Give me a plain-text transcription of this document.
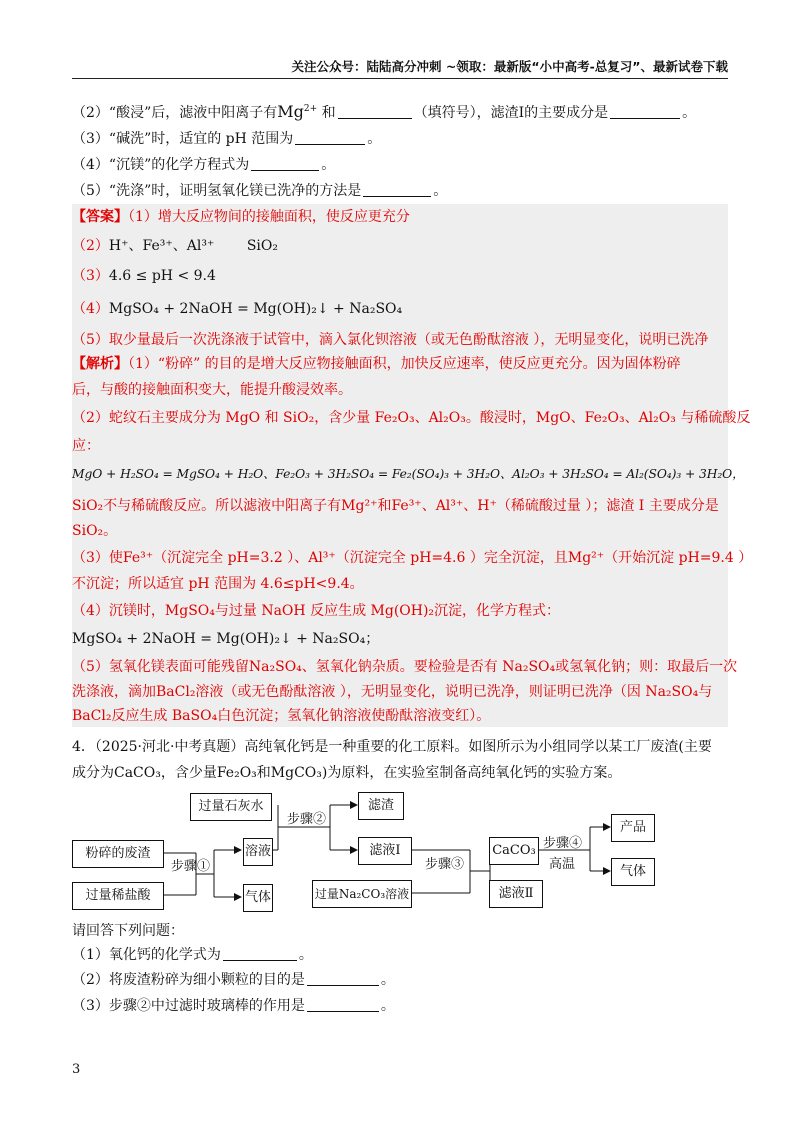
关注公众号：陆陆高分冲刺 ~领取：最新版“小中高考-总复习”、最新试卷下载
（2）“酸浸”后，滤液中阳离子有$Mg^{2+}$ 和	（填符号），滤渣Ⅰ的主要成分是	。
（3）“碱洗”时，适宜的 pH 范围为	。
（4）“沉镁”的化学方程式为	。
（5）“洗涤”时，证明氢氧化镁已洗净的方法是	。
【答案】（1）增大反应物间的接触面积，使反应更充分
（2）H⁺、Fe³⁺、Al³⁺ SiO₂
（3）4.6 ≤ pH < 9.4
（4）MgSO₄ + 2NaOH = Mg(OH)₂↓ + Na₂SO₄
（5）取少量最后一次洗涤液于试管中，滴入氯化钡溶液（或无色酚酞溶液 ），无明显变化，说明已洗净
【解析】（1）“粉碎” 的目的是增大反应物接触面积，加快反应速率，使反应更充分。因为固体粉碎
后，与酸的接触面积变大，能提升酸浸效率。
（2）蛇纹石主要成分为 MgO 和 SiO₂，含少量 Fe₂O₃、Al₂O₃。酸浸时，MgO、Fe₂O₃、Al₂O₃ 与稀硫酸反
应：
MgO + H₂SO₄ = MgSO₄ + H₂O、Fe₂O₃ + 3H₂SO₄ = Fe₂(SO₄)₃ + 3H₂O、Al₂O₃ + 3H₂SO₄ = Al₂(SO₄)₃ + 3H₂O，
SiO₂不与稀硫酸反应。所以滤液中阳离子有Mg²⁺和Fe³⁺、Al³⁺、H⁺（稀硫酸过量 ）；滤渣 Ⅰ 主要成分是
SiO₂。
（3）使Fe³⁺（沉淀完全 pH=3.2 ）、Al³⁺（沉淀完全 pH=4.6 ）完全沉淀，且Mg²⁺（开始沉淀 pH=9.4 ）
不沉淀；所以适宜 pH 范围为 4.6≤pH<9.4。
（4）沉镁时，MgSO₄与过量 NaOH 反应生成 Mg(OH)₂沉淀，化学方程式：
MgSO₄ + 2NaOH = Mg(OH)₂↓ + Na₂SO₄；
（5）氢氧化镁表面可能残留Na₂SO₄、氢氧化钠杂质。要检验是否有 Na₂SO₄或氢氧化钠；则：取最后一次
洗涤液，滴加BaCl₂溶液（或无色酚酞溶液 ），无明显变化，说明已洗净，则证明已洗净（因 Na₂SO₄与
BaCl₂反应生成 BaSO₄白色沉淀；氢氧化钠溶液使酚酞溶液变红）。
4．（2025·河北·中考真题）高纯氧化钙是一种重要的化工原料。如图所示为小组同学以某工厂废渣(主要
成分为CaCO₃，含少量Fe₂O₃和MgCO₃)为原料，在实验室制备高纯氧化钙的实验方案。
粉碎的废渣
过量稀盐酸
步骤①
溶液
气体
过量石灰水
步骤②
滤渣
滤液Ⅰ
过量Na₂CO₃溶液
步骤③
CaCO₃
滤液Ⅱ
步骤④
高温
产品
气体
请回答下列问题：
（1）氧化钙的化学式为	。
（2）将废渣粉碎为细小颗粒的目的是	。
（3）步骤②中过滤时玻璃棒的作用是	。
3
